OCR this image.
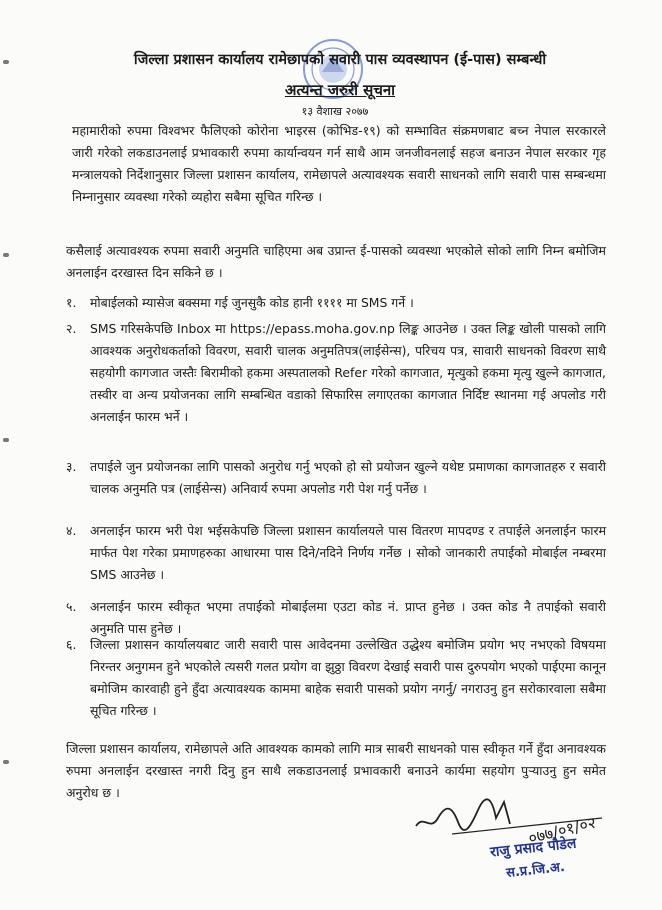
जिल्ला प्रशासन कार्यालय रामेछापको सवारी पास व्यवस्थापन (ई-पास) सम्बन्धी
अत्यन्त जरुरी सूचना
१३ वैशाख २०७७
महामारीको रुपमा विश्वभर फैलिएको कोरोना भाइरस (कोभिड-१९) को सम्भावित संक्रमणबाट बच्न नेपाल सरकारले जारी गरेको लकडाउनलाई प्रभावकारी रुपमा कार्यान्वयन गर्न साथै आम जनजीवनलाई सहज बनाउन नेपाल सरकार गृह मन्त्रालयको निर्देशानुसार जिल्ला प्रशासन कार्यालय, रामेछापले अत्यावश्यक सवारी साधनको लागि सवारी पास सम्बन्धमा निम्नानुसार व्यवस्था गरेको व्यहोरा सबैमा सूचित गरिन्छ ।
कसैलाई अत्यावश्यक रुपमा सवारी अनुमति चाहिएमा अब उप्रान्त ई-पासको व्यवस्था भएकोले सोको लागि निम्न बमोजिम अनलाईन दरखास्त दिन सकिने छ ।
१.	मोबाईलको म्यासेज बक्समा गई जुनसुकै कोड हानी ११११ मा SMS गर्ने ।
२.	SMS गरिसकेपछि Inbox मा https://epass.moha.gov.np लिङ्क आउनेछ । उक्त लिङ्क खोली पासको लागि आवश्यक अनुरोधकर्ताको विवरण, सवारी चालक अनुमतिपत्र(लाईसेन्स), परिचय पत्र, सावारी साधनको विवरण साथै सहयोगी कागजात जस्तैः बिरामीको हकमा अस्पतालको Refer गरेको कागजात, मृत्युको हकमा मृत्यु खुल्ने कागजात, तस्वीर वा अन्य प्रयोजनका लागि सम्बन्धित वडाको सिफारिस लगाएतका कागजात निर्दिष्ट स्थानमा गई अपलोड गरी अनलाईन फारम भर्ने ।
३.	तपाईले जुन प्रयोजनका लागि पासको अनुरोध गर्नु भएको हो सो प्रयोजन खुल्ने यथेष्ट प्रमाणका कागजातहरु र सवारी चालक अनुमति पत्र (लाईसेन्स) अनिवार्य रुपमा अपलोड गरी पेश गर्नु पर्नेछ ।
४.	अनलाईन फारम भरी पेश भईसकेपछि जिल्ला प्रशासन कार्यालयले पास वितरण मापदण्ड र तपाईले अनलाईन फारम मार्फत पेश गरेका प्रमाणहरुका आधारमा पास दिने/नदिने निर्णय गर्नेछ । सोको जानकारी तपाईको मोबाईल नम्बरमा SMS आउनेछ ।
५.	अनलाईन फारम स्वीकृत भएमा तपाईको मोबाईलमा एउटा कोड नं. प्राप्त हुनेछ । उक्त कोड नै तपाईको सवारी अनुमति पास हुनेछ ।
६.	जिल्ला प्रशासन कार्यालयबाट जारी सवारी पास आवेदनमा उल्लेखित उद्धेश्य बमोजिम प्रयोग भए नभएको विषयमा निरन्तर अनुगमन हुने भएकोले त्यसरी गलत प्रयोग वा झुठ्ठा विवरण देखाई सवारी पास दुरुपयोग भएको पाईएमा कानून बमोजिम कारवाही हुने हुँदा अत्यावश्यक काममा बाहेक सवारी पासको प्रयोग नगर्नु/ नगराउनु हुन सरोकारवाला सबैमा सूचित गरिन्छ ।
जिल्ला प्रशासन कार्यालय, रामेछापले अति आवश्यक कामको लागि मात्र साबरी साधनको पास स्वीकृत गर्ने हुँदा अनावश्यक रुपमा अनलाईन दरखास्त नगरी दिनु हुन साथै लकडाउनलाई प्रभावकारी बनाउने कार्यमा सहयोग पुऱ्याउनु हुन समेत अनुरोध छ ।
०७७/०१/०२
राजु प्रसाद पौडेल
स.प्र.जि.अ.
